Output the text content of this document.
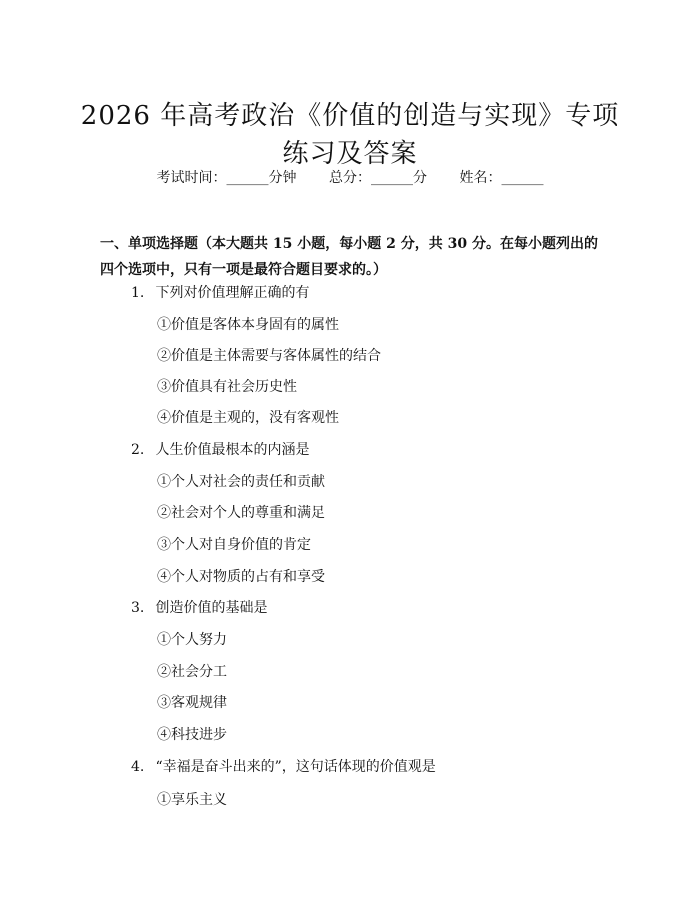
2026 年高考政治《价值的创造与实现》专项
练习及答案
考试时间：______分钟 总分：______分 姓名：______
一、单项选择题（本大题共 15 小题，每小题 2 分，共 30 分。在每小题列出的四个选项中，只有一项是最符合题目要求的。）
1. 下列对价值理解正确的有
①价值是客体本身固有的属性
②价值是主体需要与客体属性的结合
③价值具有社会历史性
④价值是主观的，没有客观性
2. 人生价值最根本的内涵是
①个人对社会的责任和贡献
②社会对个人的尊重和满足
③个人对自身价值的肯定
④个人对物质的占有和享受
3. 创造价值的基础是
①个人努力
②社会分工
③客观规律
④科技进步
4. “幸福是奋斗出来的”，这句话体现的价值观是
①享乐主义
